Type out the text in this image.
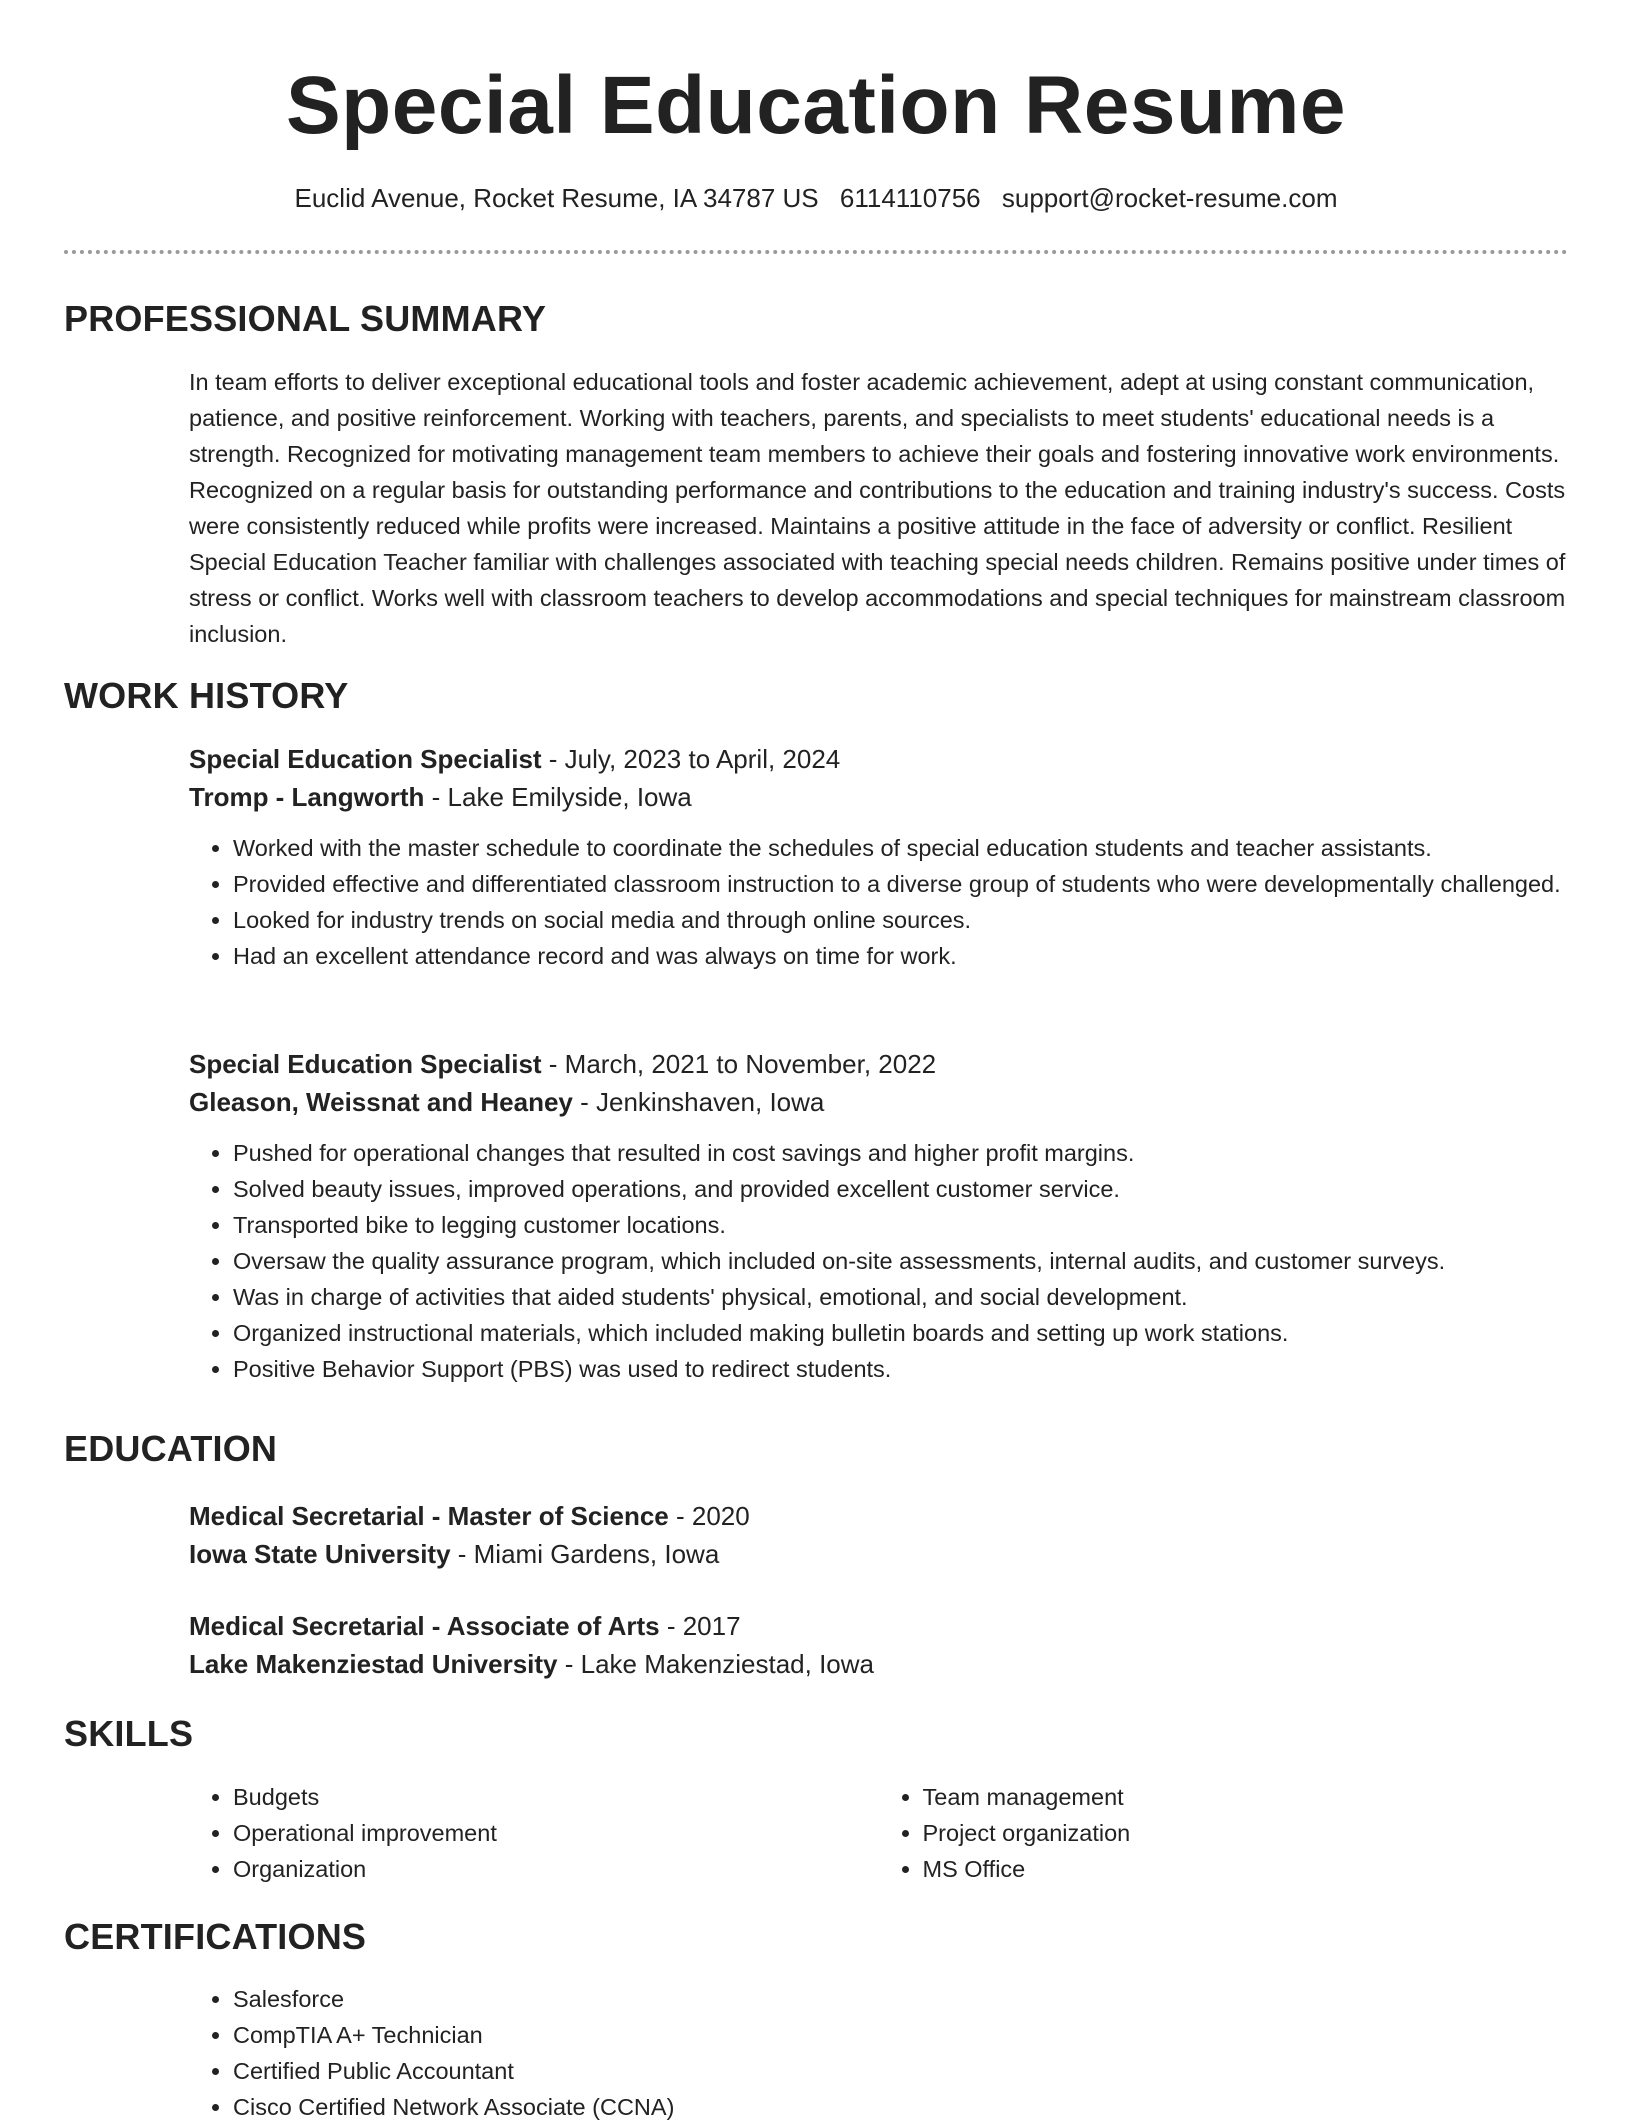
Special Education Resume
Euclid Avenue, Rocket Resume, IA 34787 US 6114110756 support@rocket-resume.com
PROFESSIONAL SUMMARY

In team efforts to deliver exceptional educational tools and foster academic achievement, adept at using constant communication, patience, and positive reinforcement. Working with teachers, parents, and specialists to meet students' educational needs is a strength. Recognized for motivating management team members to achieve their goals and fostering innovative work environments. Recognized on a regular basis for outstanding performance and contributions to the education and training industry's success. Costs were consistently reduced while profits were increased. Maintains a positive attitude in the face of adversity or conflict. Resilient Special Education Teacher familiar with challenges associated with teaching special needs children. Remains positive under times of stress or conflict. Works well with classroom teachers to develop accommodations and special techniques for mainstream classroom inclusion.

WORK HISTORY
Special Education Specialist - July, 2023 to April, 2024
Tromp - Langworth - Lake Emilyside, Iowa
• Worked with the master schedule to coordinate the schedules of special education students and teacher assistants.
• Provided effective and differentiated classroom instruction to a diverse group of students who were developmentally challenged.
• Looked for industry trends on social media and through online sources.
• Had an excellent attendance record and was always on time for work.
Special Education Specialist - March, 2021 to November, 2022
Gleason, Weissnat and Heaney - Jenkinshaven, Iowa
• Pushed for operational changes that resulted in cost savings and higher profit margins.
• Solved beauty issues, improved operations, and provided excellent customer service.
• Transported bike to legging customer locations.
• Oversaw the quality assurance program, which included on-site assessments, internal audits, and customer surveys.
• Was in charge of activities that aided students' physical, emotional, and social development.
• Organized instructional materials, which included making bulletin boards and setting up work stations.
• Positive Behavior Support (PBS) was used to redirect students.
EDUCATION
Medical Secretarial - Master of Science - 2020
Iowa State University - Miami Gardens, Iowa
Medical Secretarial - Associate of Arts - 2017
Lake Makenziestad University - Lake Makenziestad, Iowa
SKILLS
• Budgets
• Operational improvement
• Organization
• Team management
• Project organization
• MS Office
CERTIFICATIONS
• Salesforce
• CompTIA A+ Technician
• Certified Public Accountant
• Cisco Certified Network Associate (CCNA)
